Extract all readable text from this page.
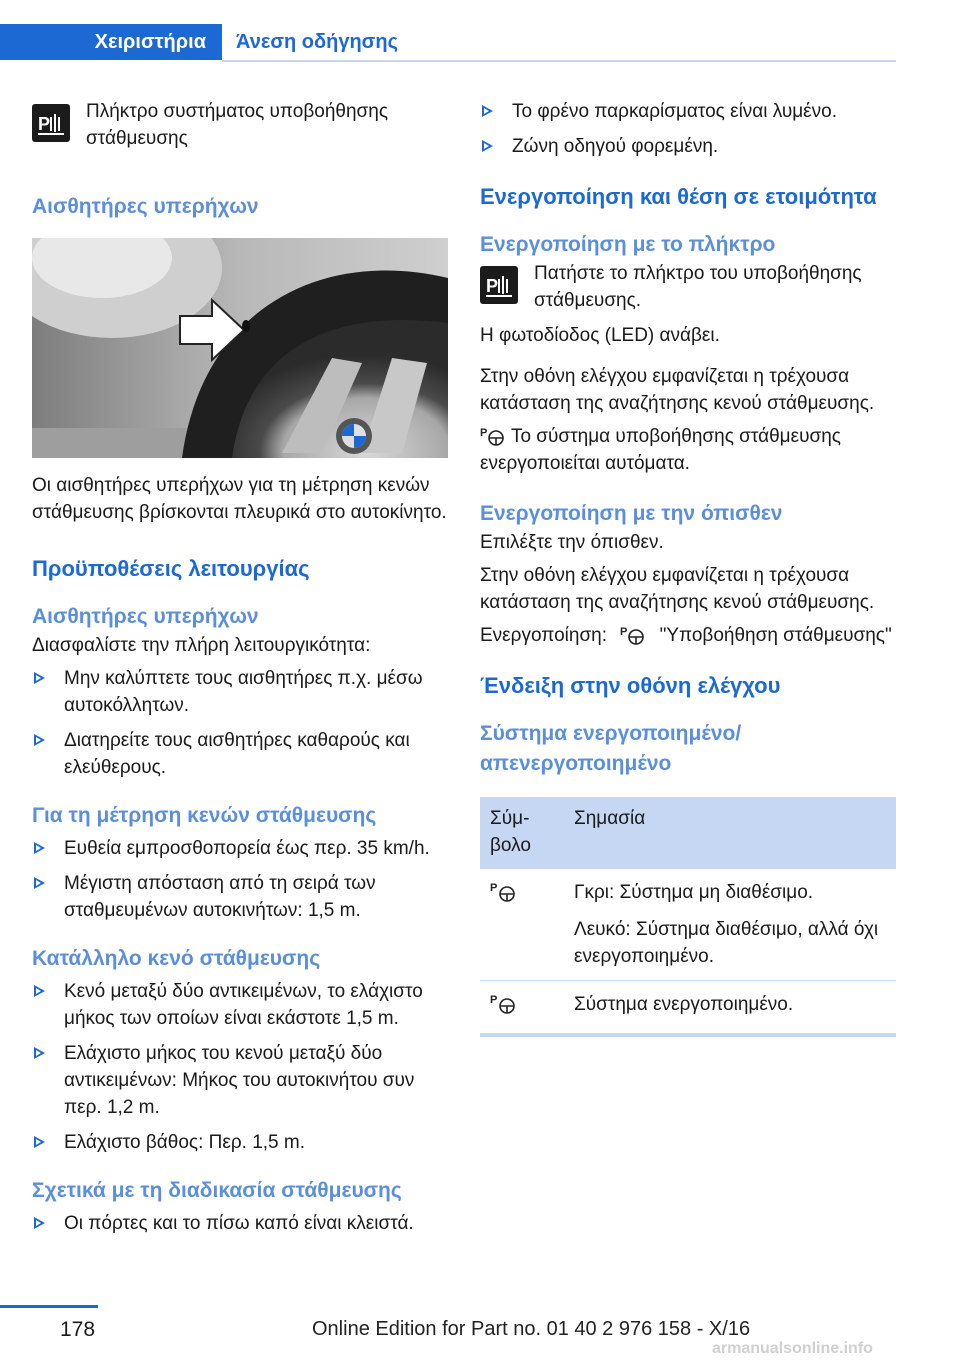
Χειριστήρια	Άνεση οδήγησης
P
Πλήκτρο συστήματος υποβοήθησης στάθμευσης
Αισθητήρες υπερήχων

Οι αισθητήρες υπερήχων για τη μέτρηση κενών στάθμευσης βρίσκονται πλευρικά στο αυτοκίνητο.

Προϋποθέσεις λειτουργίας
Αισθητήρες υπερήχων

Διασφαλίστε την πλήρη λειτουργικότητα:

Μην καλύπτετε τους αισθητήρες π.χ. μέσω αυτοκόλλητων.
Διατηρείτε τους αισθητήρες καθαρούς και ελεύθερους.
Για τη μέτρηση κενών στάθμευσης
Ευθεία εμπροσθοπορεία έως περ. 35 km/h.
Μέγιστη απόσταση από τη σειρά των σταθμευμένων αυτοκινήτων: 1,5 m.
Κατάλληλο κενό στάθμευσης
Κενό μεταξύ δύο αντικειμένων, το ελάχιστο μήκος των οποίων είναι εκάστοτε 1,5 m.
Ελάχιστο μήκος του κενού μεταξύ δύο αντικειμένων: Μήκος του αυτοκινήτου συν περ. 1,2 m.
Ελάχιστο βάθος: Περ. 1,5 m.
Σχετικά με τη διαδικασία στάθμευσης
Οι πόρτες και το πίσω καπό είναι κλειστά.
Το φρένο παρκαρίσματος είναι λυμένο.
Ζώνη οδηγού φορεμένη.
Ενεργοποίηση και θέση σε ετοιμότητα
Ενεργοποίηση με το πλήκτρο
P
Πατήστε το πλήκτρο του υποβοήθησης στάθμευσης.

Η φωτοδίοδος (LED) ανάβει.

Στην οθόνη ελέγχου εμφανίζεται η τρέχουσα κατάσταση της αναζήτησης κενού στάθμευσης.

P Το σύστημα υποβοήθησης στάθμευσης ενεργοποιείται αυτόματα.

Ενεργοποίηση με την όπισθεν

Επιλέξτε την όπισθεν.

Στην οθόνη ελέγχου εμφανίζεται η τρέχουσα κατάσταση της αναζήτησης κενού στάθμευσης.

Ενεργοποίηση: P "Υποβοήθηση στάθμευσης"

Ένδειξη στην οθόνη ελέγχου
Σύστημα ενεργοποιημένο/ απενεργοποιημένο
Σύμβολο	Σημασία

P	Γκρι: Σύστημα μη διαθέσιμο.

Λευκό: Σύστημα διαθέσιμο, αλλά όχι ενεργοποιημένο.

P	Σύστημα ενεργοποιημένο.
178	Online Edition for Part no. 01 40 2 976 158 - X/16
armanualsonline.info
